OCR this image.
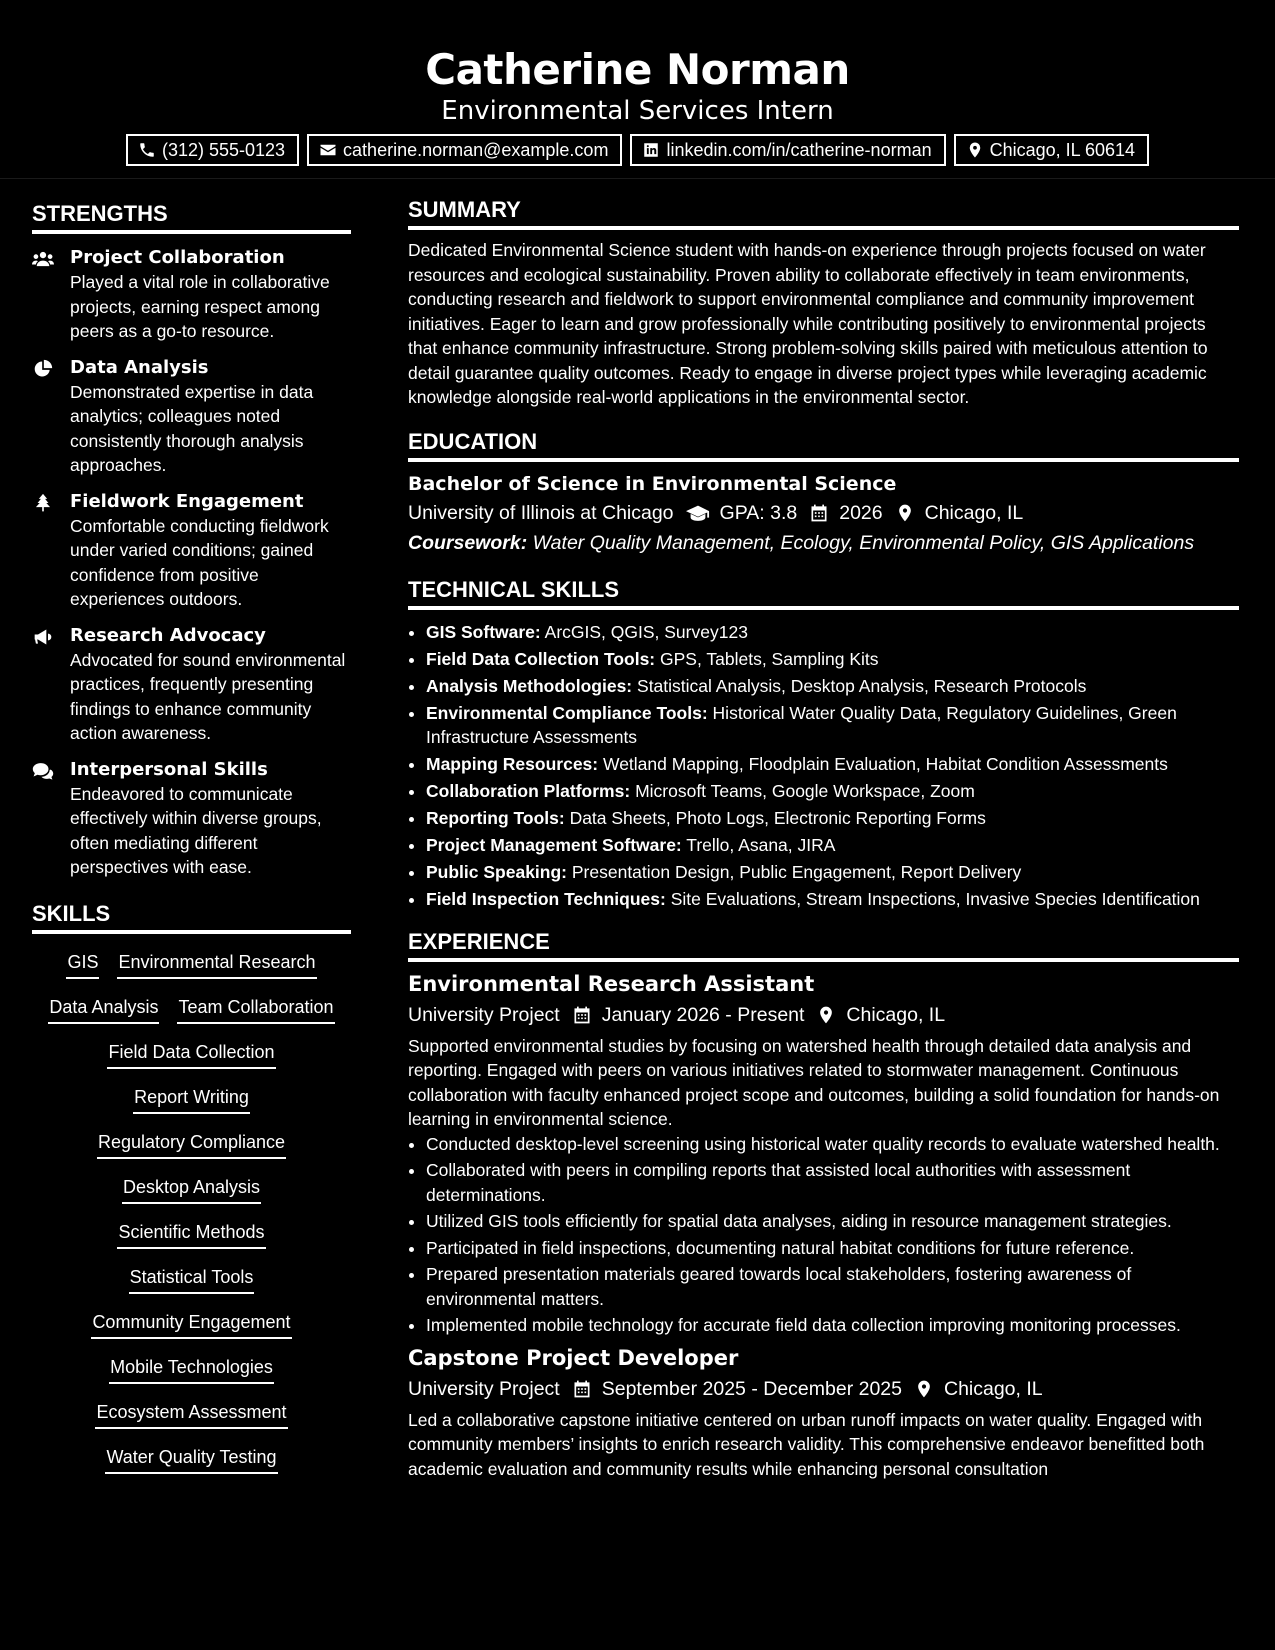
Catherine Norman
Environmental Services Intern
(312) 555-0123	catherine.norman@example.com	linkedin.com/in/catherine-norman	Chicago, IL 60614
STRENGTHS
Project Collaboration
Played a vital role in collaborative projects, earning respect among peers as a go-to resource.
Data Analysis
Demonstrated expertise in data analytics; colleagues noted consistently thorough analysis approaches.
Fieldwork Engagement
Comfortable conducting fieldwork under varied conditions; gained confidence from positive experiences outdoors.
Research Advocacy
Advocated for sound environmental practices, frequently presenting findings to enhance community action awareness.
Interpersonal Skills
Endeavored to communicate effectively within diverse groups, often mediating different perspectives with ease.
SKILLS
GIS Environmental Research
Data Analysis Team Collaboration
Field Data Collection
Report Writing
Regulatory Compliance
Desktop Analysis
Scientific Methods
Statistical Tools
Community Engagement
Mobile Technologies
Ecosystem Assessment
Water Quality Testing
SUMMARY
Dedicated Environmental Science student with hands-on experience through projects focused on water resources and ecological sustainability. Proven ability to collaborate effectively in team environments, conducting research and fieldwork to support environmental compliance and community improvement initiatives. Eager to learn and grow professionally while contributing positively to environmental projects that enhance community infrastructure. Strong problem-solving skills paired with meticulous attention to detail guarantee quality outcomes. Ready to engage in diverse project types while leveraging academic knowledge alongside real-world applications in the environmental sector.
EDUCATION
Bachelor of Science in Environmental Science
University of Illinois at Chicago GPA: 3.8 2026 Chicago, IL
Coursework: Water Quality Management, Ecology, Environmental Policy, GIS Applications
TECHNICAL SKILLS
• GIS Software: ArcGIS, QGIS, Survey123
• Field Data Collection Tools: GPS, Tablets, Sampling Kits
• Analysis Methodologies: Statistical Analysis, Desktop Analysis, Research Protocols
• Environmental Compliance Tools: Historical Water Quality Data, Regulatory Guidelines, Green Infrastructure Assessments
• Mapping Resources: Wetland Mapping, Floodplain Evaluation, Habitat Condition Assessments
• Collaboration Platforms: Microsoft Teams, Google Workspace, Zoom
• Reporting Tools: Data Sheets, Photo Logs, Electronic Reporting Forms
• Project Management Software: Trello, Asana, JIRA
• Public Speaking: Presentation Design, Public Engagement, Report Delivery
• Field Inspection Techniques: Site Evaluations, Stream Inspections, Invasive Species Identification
EXPERIENCE
Environmental Research Assistant
University Project January 2026 - Present Chicago, IL
Supported environmental studies by focusing on watershed health through detailed data analysis and reporting. Engaged with peers on various initiatives related to stormwater management. Continuous collaboration with faculty enhanced project scope and outcomes, building a solid foundation for hands-on learning in environmental science.
• Conducted desktop-level screening using historical water quality records to evaluate watershed health.
• Collaborated with peers in compiling reports that assisted local authorities with assessment determinations.
• Utilized GIS tools efficiently for spatial data analyses, aiding in resource management strategies.
• Participated in field inspections, documenting natural habitat conditions for future reference.
• Prepared presentation materials geared towards local stakeholders, fostering awareness of environmental matters.
• Implemented mobile technology for accurate field data collection improving monitoring processes.
Capstone Project Developer
University Project September 2025 - December 2025 Chicago, IL
Led a collaborative capstone initiative centered on urban runoff impacts on water quality. Engaged with community members’ insights to enrich research validity. This comprehensive endeavor benefitted both academic evaluation and community results while enhancing personal consultation
